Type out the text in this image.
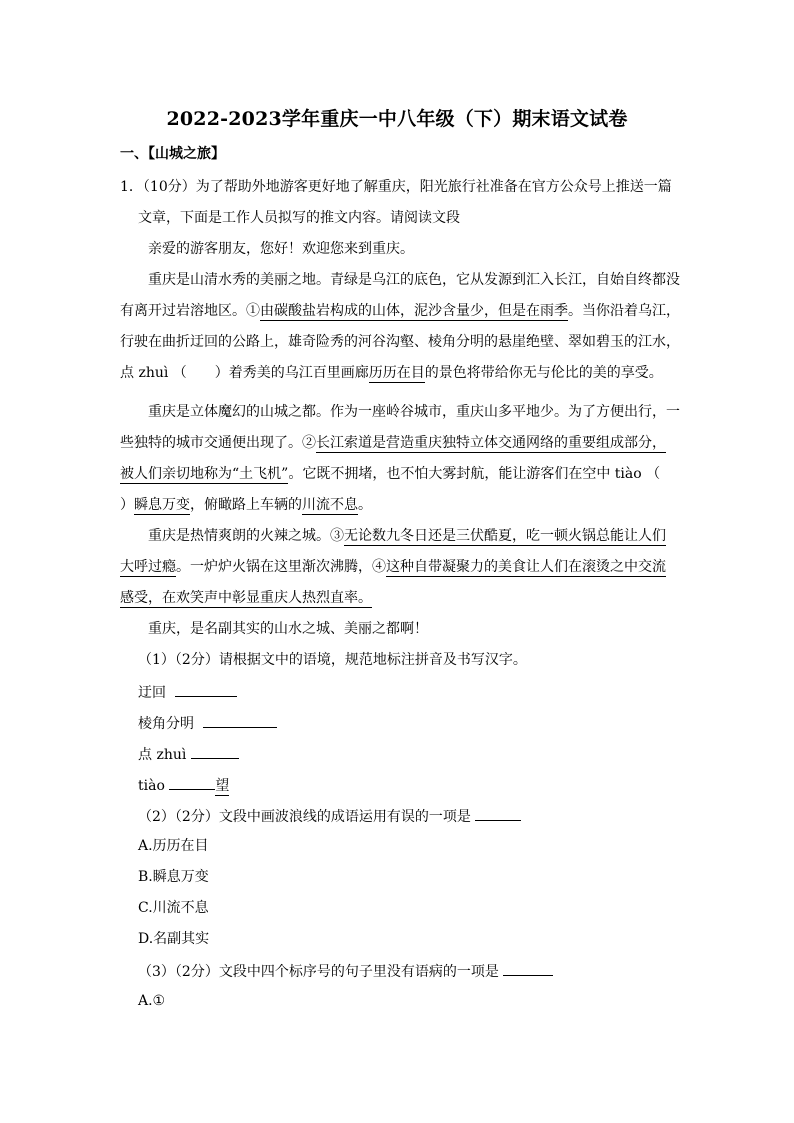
2022-2023学年重庆一中八年级（下）期末语文试卷
一、【山城之旅】
1．（10分）为了帮助外地游客更好地了解重庆，阳光旅行社准备在官方公众号上推送一篇
文章，下面是工作人员拟写的推文内容。请阅读文段
亲爱的游客朋友，您好！欢迎您来到重庆。
重庆是山清水秀的美丽之地。青绿是乌江的底色，它从发源到汇入长江，自始自终都没
有离开过岩溶地区。①由碳酸盐岩构成的山体，泥沙含量少，但是在雨季。当你沿着乌江，
行驶在曲折迂回的公路上，雄奇险秀的河谷沟壑、棱角分明的悬崖绝壁、翠如碧玉的江水，
点 zhuì （　　）着秀美的乌江百里画廊历历在目的景色将带给你无与伦比的美的享受。
重庆是立体魔幻的山城之都。作为一座岭谷城市，重庆山多平地少。为了方便出行，一
些独特的城市交通便出现了。②长江索道是营造重庆独特立体交通网络的重要组成部分，
被人们亲切地称为“土飞机”。它既不拥堵，也不怕大雾封航，能让游客们在空中 tiào （
）瞬息万变，俯瞰路上车辆的川流不息。
重庆是热情爽朗的火辣之城。③无论数九冬日还是三伏酷夏，吃一顿火锅总能让人们
大呼过瘾。一炉炉火锅在这里渐次沸腾，④这种自带凝聚力的美食让人们在滚烫之中交流
感受，在欢笑声中彰显重庆人热烈直率。
重庆，是名副其实的山水之城、美丽之都啊！
（1）（2分）请根据文中的语境，规范地标注拼音及书写汉字。
迂回
棱角分明
点 zhuì
tiào	望
（2）（2分）文段中画波浪线的成语运用有误的一项是
A.历历在目
B.瞬息万变
C.川流不息
D.名副其实
（3）（2分）文段中四个标序号的句子里没有语病的一项是
A.①
